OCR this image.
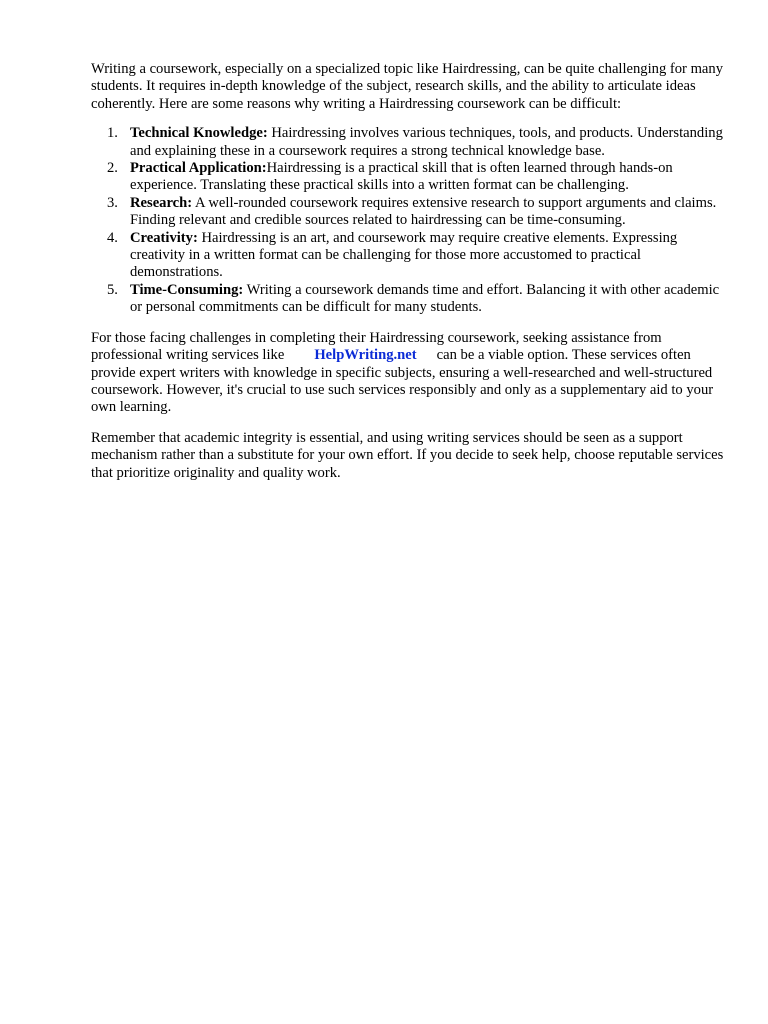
Writing a coursework, especially on a specialized topic like Hairdressing, can be quite challenging for many students. It requires in-depth knowledge of the subject, research skills, and the ability to articulate ideas coherently. Here are some reasons why writing a Hairdressing coursework can be difficult:

1. Technical Knowledge: Hairdressing involves various techniques, tools, and products. Understanding and explaining these in a coursework requires a strong technical knowledge base.
2. Practical Application:Hairdressing is a practical skill that is often learned through hands-on experience. Translating these practical skills into a written format can be challenging.
3. Research: A well-rounded coursework requires extensive research to support arguments and claims. Finding relevant and credible sources related to hairdressing can be time-consuming.
4. Creativity: Hairdressing is an art, and coursework may require creative elements. Expressing creativity in a written format can be challenging for those more accustomed to practical demonstrations.
5. Time-Consuming: Writing a coursework demands time and effort. Balancing it with other academic or personal commitments can be difficult for many students.

For those facing challenges in completing their Hairdressing coursework, seeking assistance from professional writing services like HelpWriting.net can be a viable option. These services often provide expert writers with knowledge in specific subjects, ensuring a well-researched and well-structured coursework. However, it's crucial to use such services responsibly and only as a supplementary aid to your own learning.

Remember that academic integrity is essential, and using writing services should be seen as a support mechanism rather than a substitute for your own effort. If you decide to seek help, choose reputable services that prioritize originality and quality work.
